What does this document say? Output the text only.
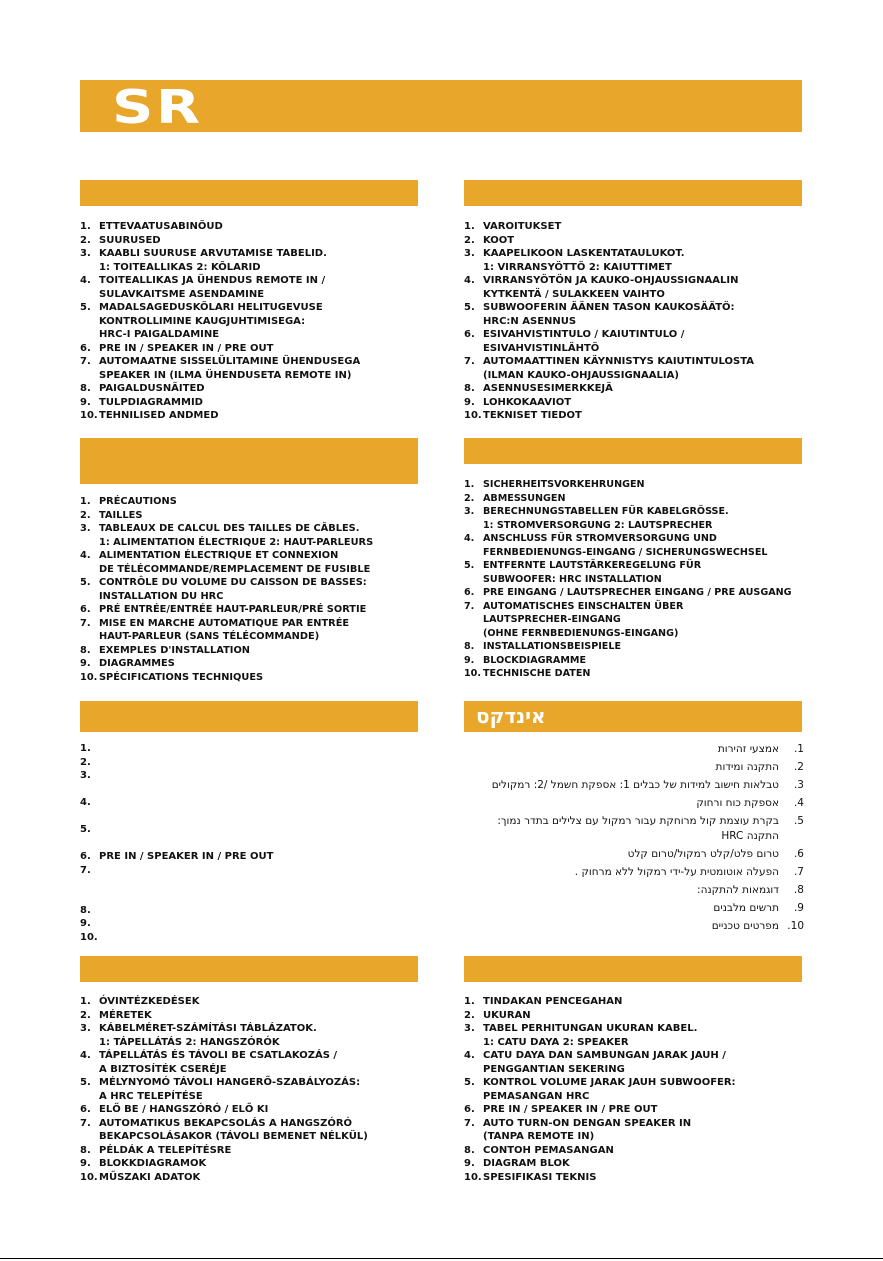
SR
אינדקס
1. ETTEVAATUSABINÕUD
2. SUURUSED
3. KAABLI SUURUSE ARVUTAMISE TABELID.
1: TOITEALLIKAS 2: KÕLARID
4. TOITEALLIKAS JA ÜHENDUS REMOTE IN /
SULAVKAITSME ASENDAMINE
5. MADALSAGEDUSKÕLARI HELITUGEVUSE
KONTROLLIMINE KAUGJUHTIMISEGA:
HRC-I PAIGALDAMINE
6. PRE IN / SPEAKER IN / PRE OUT
7. AUTOMAATNE SISSELÜLITAMINE ÜHENDUSEGA
SPEAKER IN (ILMA ÜHENDUSETA REMOTE IN)
8. PAIGALDUSNÄITED
9. TULPDIAGRAMMID
10. TEHNILISED ANDMED
1. VAROITUKSET
2. KOOT
3. KAAPELIKOON LASKENTATAULUKOT.
1: VIRRANSYÖTTÖ 2: KAIUTTIMET
4. VIRRANSYÖTÖN JA KAUKO-OHJAUSSIGNAALIN
KYTKENTÄ / SULAKKEEN VAIHTO
5. SUBWOOFERIN ÄÄNEN TASON KAUKOSÄÄTÖ:
HRC:N ASENNUS
6. ESIVAHVISTINTULO / KAIUTINTULO /
ESIVAHVISTINLÄHTÖ
7. AUTOMAATTINEN KÄYNNISTYS KAIUTINTULOSTA
(ILMAN KAUKO-OHJAUSSIGNAALIA)
8. ASENNUSESIMERKKEJÄ
9. LOHKOKAAVIOT
10. TEKNISET TIEDOT
1. PRÉCAUTIONS
2. TAILLES
3. TABLEAUX DE CALCUL DES TAILLES DE CÂBLES.
1: ALIMENTATION ÉLECTRIQUE 2: HAUT-PARLEURS
4. ALIMENTATION ÉLECTRIQUE ET CONNEXION
DE TÉLÉCOMMANDE/REMPLACEMENT DE FUSIBLE
5. CONTRÔLE DU VOLUME DU CAISSON DE BASSES:
INSTALLATION DU HRC
6. PRÉ ENTRÉE/ENTRÉE HAUT-PARLEUR/PRÉ SORTIE
7. MISE EN MARCHE AUTOMATIQUE PAR ENTRÉE
HAUT-PARLEUR (SANS TÉLÉCOMMANDE)
8. EXEMPLES D'INSTALLATION
9. DIAGRAMMES
10. SPÉCIFICATIONS TECHNIQUES
1. SICHERHEITSVORKEHRUNGEN
2. ABMESSUNGEN
3. BERECHNUNGSTABELLEN FÜR KABELGRÖSSE.
1: STROMVERSORGUNG 2: LAUTSPRECHER
4. ANSCHLUSS FÜR STROMVERSORGUNG UND
FERNBEDIENUNGS-EINGANG / SICHERUNGSWECHSEL
5. ENTFERNTE LAUTSTÄRKEREGELUNG FÜR
SUBWOOFER: HRC INSTALLATION
6. PRE EINGANG / LAUTSPRECHER EINGANG / PRE AUSGANG
7. AUTOMATISCHES EINSCHALTEN ÜBER
LAUTSPRECHER-EINGANG
(OHNE FERNBEDIENUNGS-EINGANG)
8. INSTALLATIONSBEISPIELE
9. BLOCKDIAGRAMME
10. TECHNISCHE DATEN
1.
2.
3.
4.
5.
6. PRE IN / SPEAKER IN / PRE OUT
7.
8.
9.
10.
.1
אמצעי זהירות
.2
התקנה ומידות
.3
טבלאות חישוב למידות של כבלים 1: אספקת חשמל /2: רמקולים
.4
אספקת כוח ורחוק
.5
בקרת עוצמת קול מרוחקת עבור רמקול עם צלילים בתדר נמוך:
התקנה HRC
.6
טרום פלט/קלט רמקול/טרום קלט
.7
הפעלה אוטומטית על-ידי רמקול ללא מרחוק .
.8
דוגמאות להתקנה:
.9
תרשים מלבנים
.10
מפרטים טכניים
1. ÓVINTÉZKEDÉSEK
2. MÉRETEK
3. KÁBELMÉRET-SZÁMÍTÁSI TÁBLÁZATOK.
1: TÁPELLÁTÁS 2: HANGSZÓRÓK
4. TÁPELLÁTÁS ÉS TÁVOLI BE CSATLAKOZÁS /
A BIZTOSÍTÉK CSERÉJE
5. MÉLYNYOMÓ TÁVOLI HANGERŐ-SZABÁLYOZÁS:
A HRC TELEPÍTÉSE
6. ELŐ BE / HANGSZÓRÓ / ELŐ KI
7. AUTOMATIKUS BEKAPCSOLÁS A HANGSZÓRÓ
BEKAPCSOLÁSAKOR (TÁVOLI BEMENET NÉLKÜL)
8. PÉLDÁK A TELEPÍTÉSRE
9. BLOKKDIAGRAMOK
10. MŰSZAKI ADATOK
1. TINDAKAN PENCEGAHAN
2. UKURAN
3. TABEL PERHITUNGAN UKURAN KABEL.
1: CATU DAYA 2: SPEAKER
4. CATU DAYA DAN SAMBUNGAN JARAK JAUH /
PENGGANTIAN SEKERING
5. KONTROL VOLUME JARAK JAUH SUBWOOFER:
PEMASANGAN HRC
6. PRE IN / SPEAKER IN / PRE OUT
7. AUTO TURN-ON DENGAN SPEAKER IN
(TANPA REMOTE IN)
8. CONTOH PEMASANGAN
9. DIAGRAM BLOK
10. SPESIFIKASI TEKNIS
